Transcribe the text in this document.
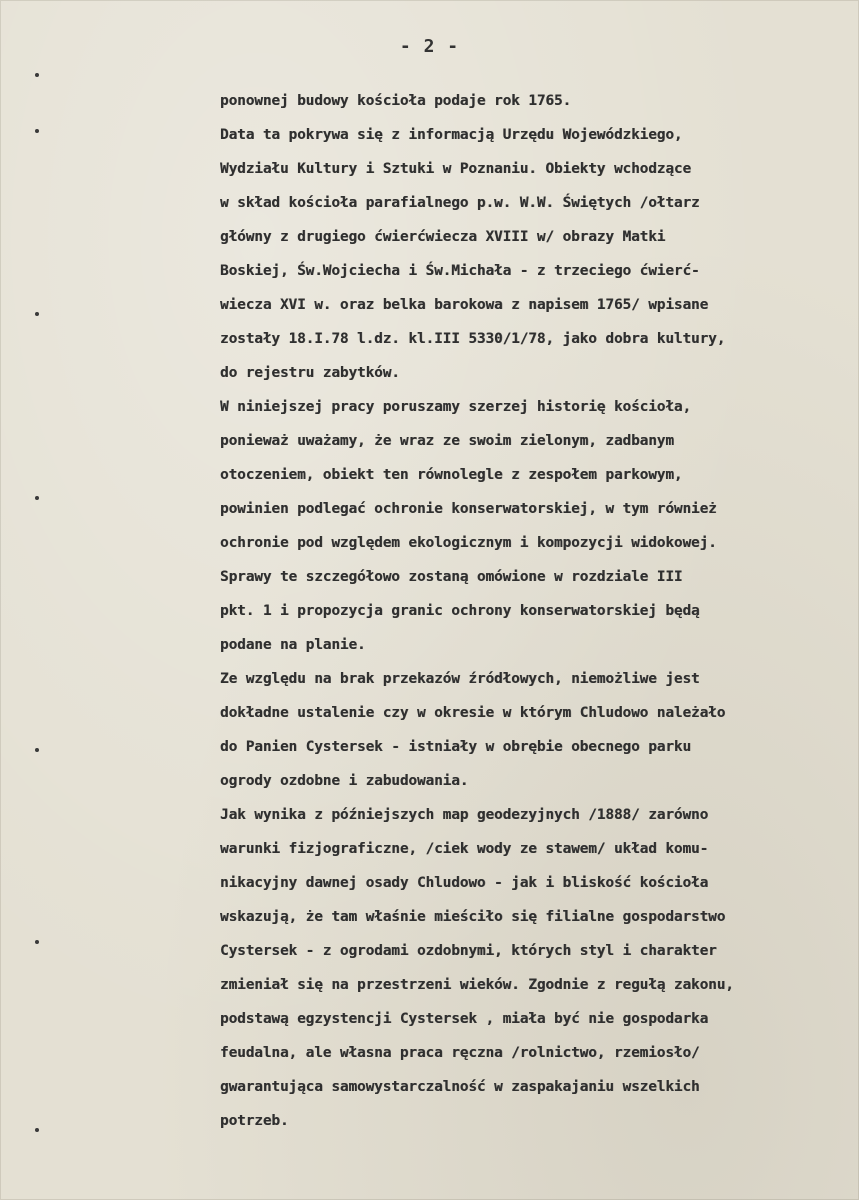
- 2 -
ponownej budowy kościoła podaje rok 1765.
Data ta pokrywa się z informacją Urzędu Wojewódzkiego,
Wydziału Kultury i Sztuki w Poznaniu. Obiekty wchodzące
w skład kościoła parafialnego p.w. W.W. Świętych /ołtarz
główny z drugiego ćwierćwiecza XVIII w/ obrazy Matki
Boskiej, Św.Wojciecha i Św.Michała - z trzeciego ćwierć-
wiecza XVI w. oraz belka barokowa z napisem 1765/ wpisane
zostały 18.I.78 l.dz. kl.III 5330/1/78, jako dobra kultury,
do rejestru zabytków.
W niniejszej pracy poruszamy szerzej historię kościoła,
ponieważ uważamy, że wraz ze swoim zielonym, zadbanym
otoczeniem, obiekt ten równolegle z zespołem parkowym,
powinien podlegać ochronie konserwatorskiej, w tym również
ochronie pod względem ekologicznym i kompozycji widokowej.
Sprawy te szczegółowo zostaną omówione w rozdziale III
pkt. 1 i propozycja granic ochrony konserwatorskiej będą
podane na planie.
Ze względu na brak przekazów źródłowych, niemożliwe jest
dokładne ustalenie czy w okresie w którym Chludowo należało
do Panien Cystersek - istniały w obrębie obecnego parku
ogrody ozdobne i zabudowania.
Jak wynika z późniejszych map geodezyjnych /1888/ zarówno
warunki fizjograficzne, /ciek wody ze stawem/ układ komu-
nikacyjny dawnej osady Chludowo - jak i bliskość kościoła
wskazują, że tam właśnie mieściło się filialne gospodarstwo
Cystersek - z ogrodami ozdobnymi, których styl i charakter
zmieniał się na przestrzeni wieków. Zgodnie z regułą zakonu,
podstawą egzystencji Cystersek , miała być nie gospodarka
feudalna, ale własna praca ręczna /rolnictwo, rzemiosło/
gwarantująca samowystarczalność w zaspakajaniu wszelkich
potrzeb.
